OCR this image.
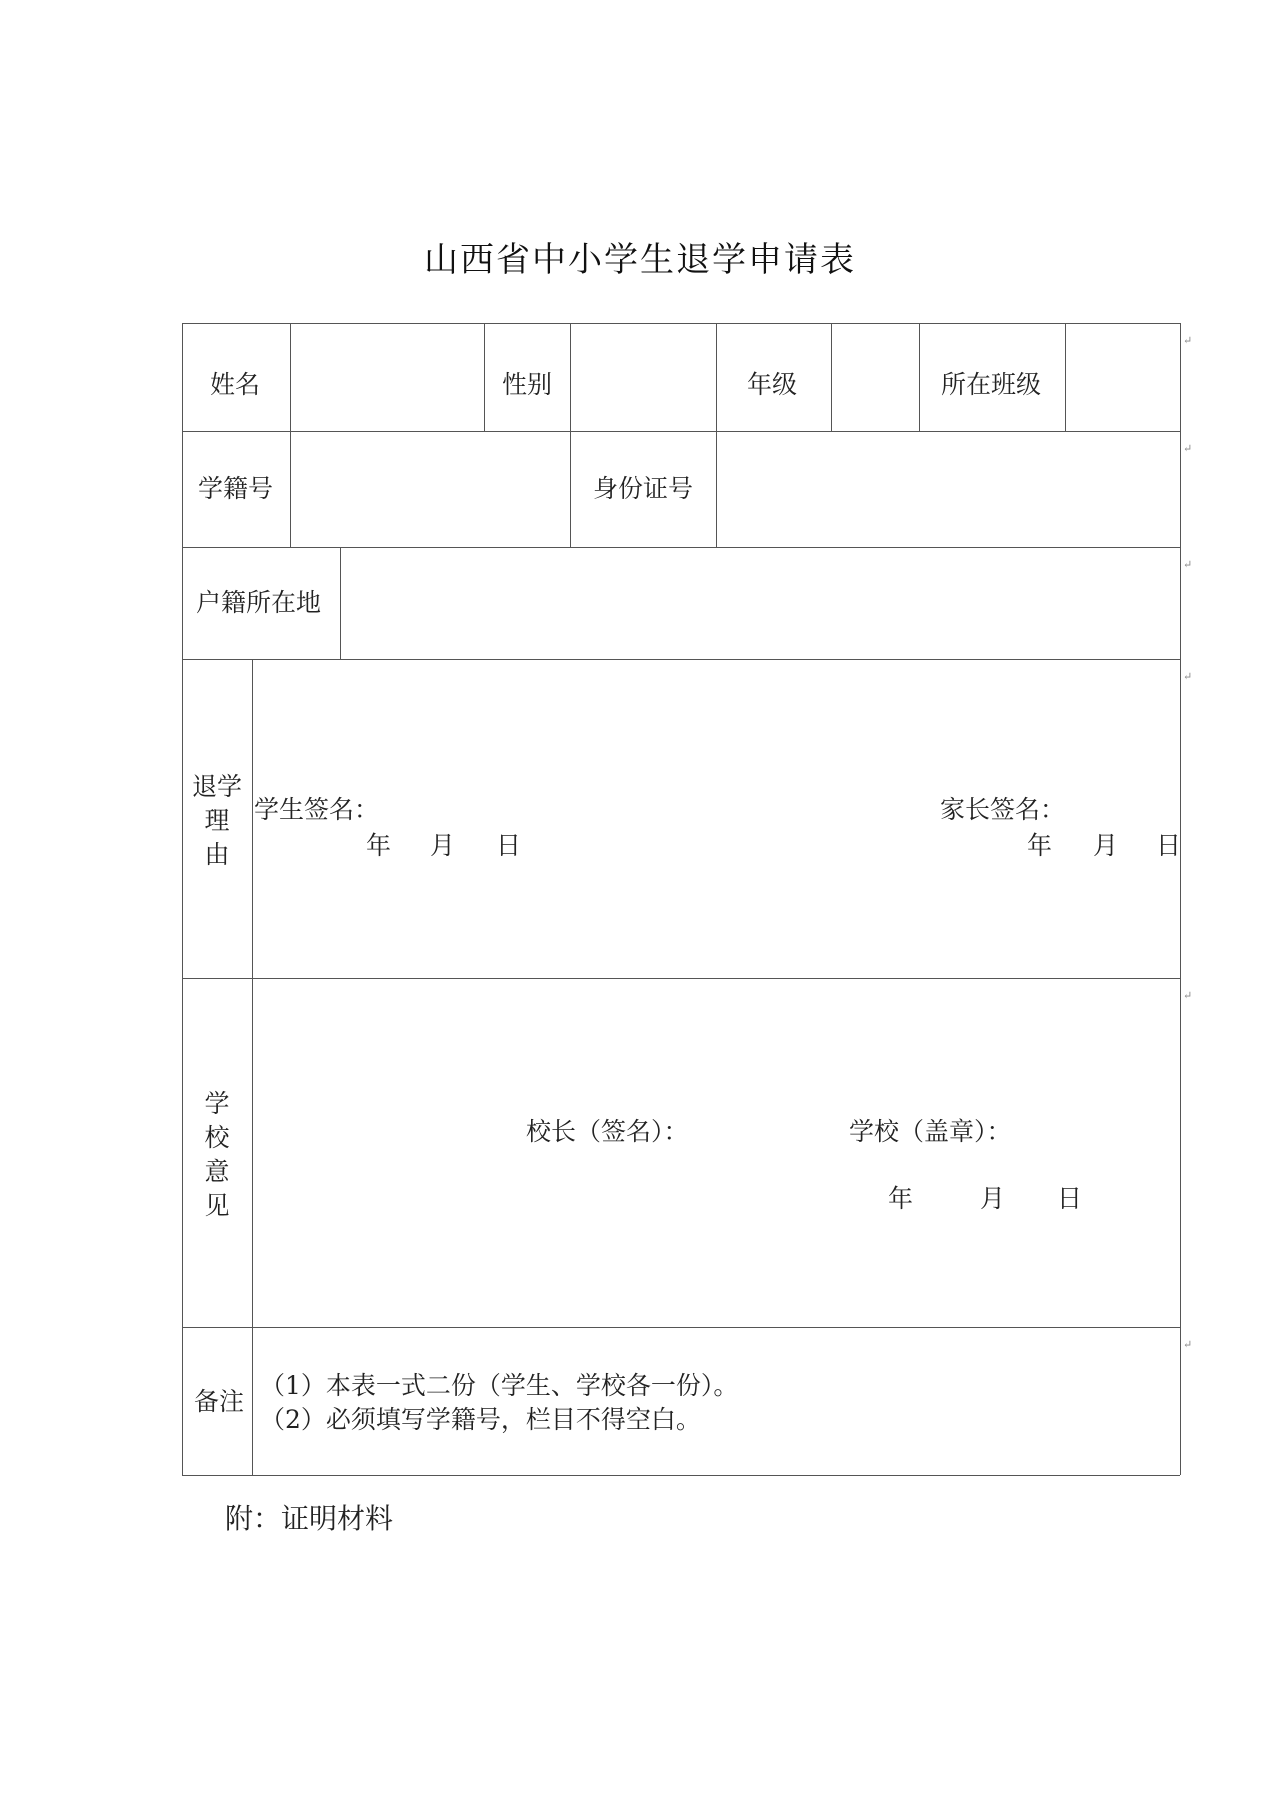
山西省中小学生退学申请表
↵
↵
↵
↵
↵
↵
姓名	性别	年级	所在班级
学籍号	身份证号
户籍所在地
退学
理
由
学生签名：
年 月 日
家长签名：
年 月 日
学
校
意
见
校长（签名）：	学校（盖章）：
年	月 日
备注
（1）本表一式二份（学生、学校各一份）。
（2）必须填写学籍号，栏目不得空白。
附：证明材料
